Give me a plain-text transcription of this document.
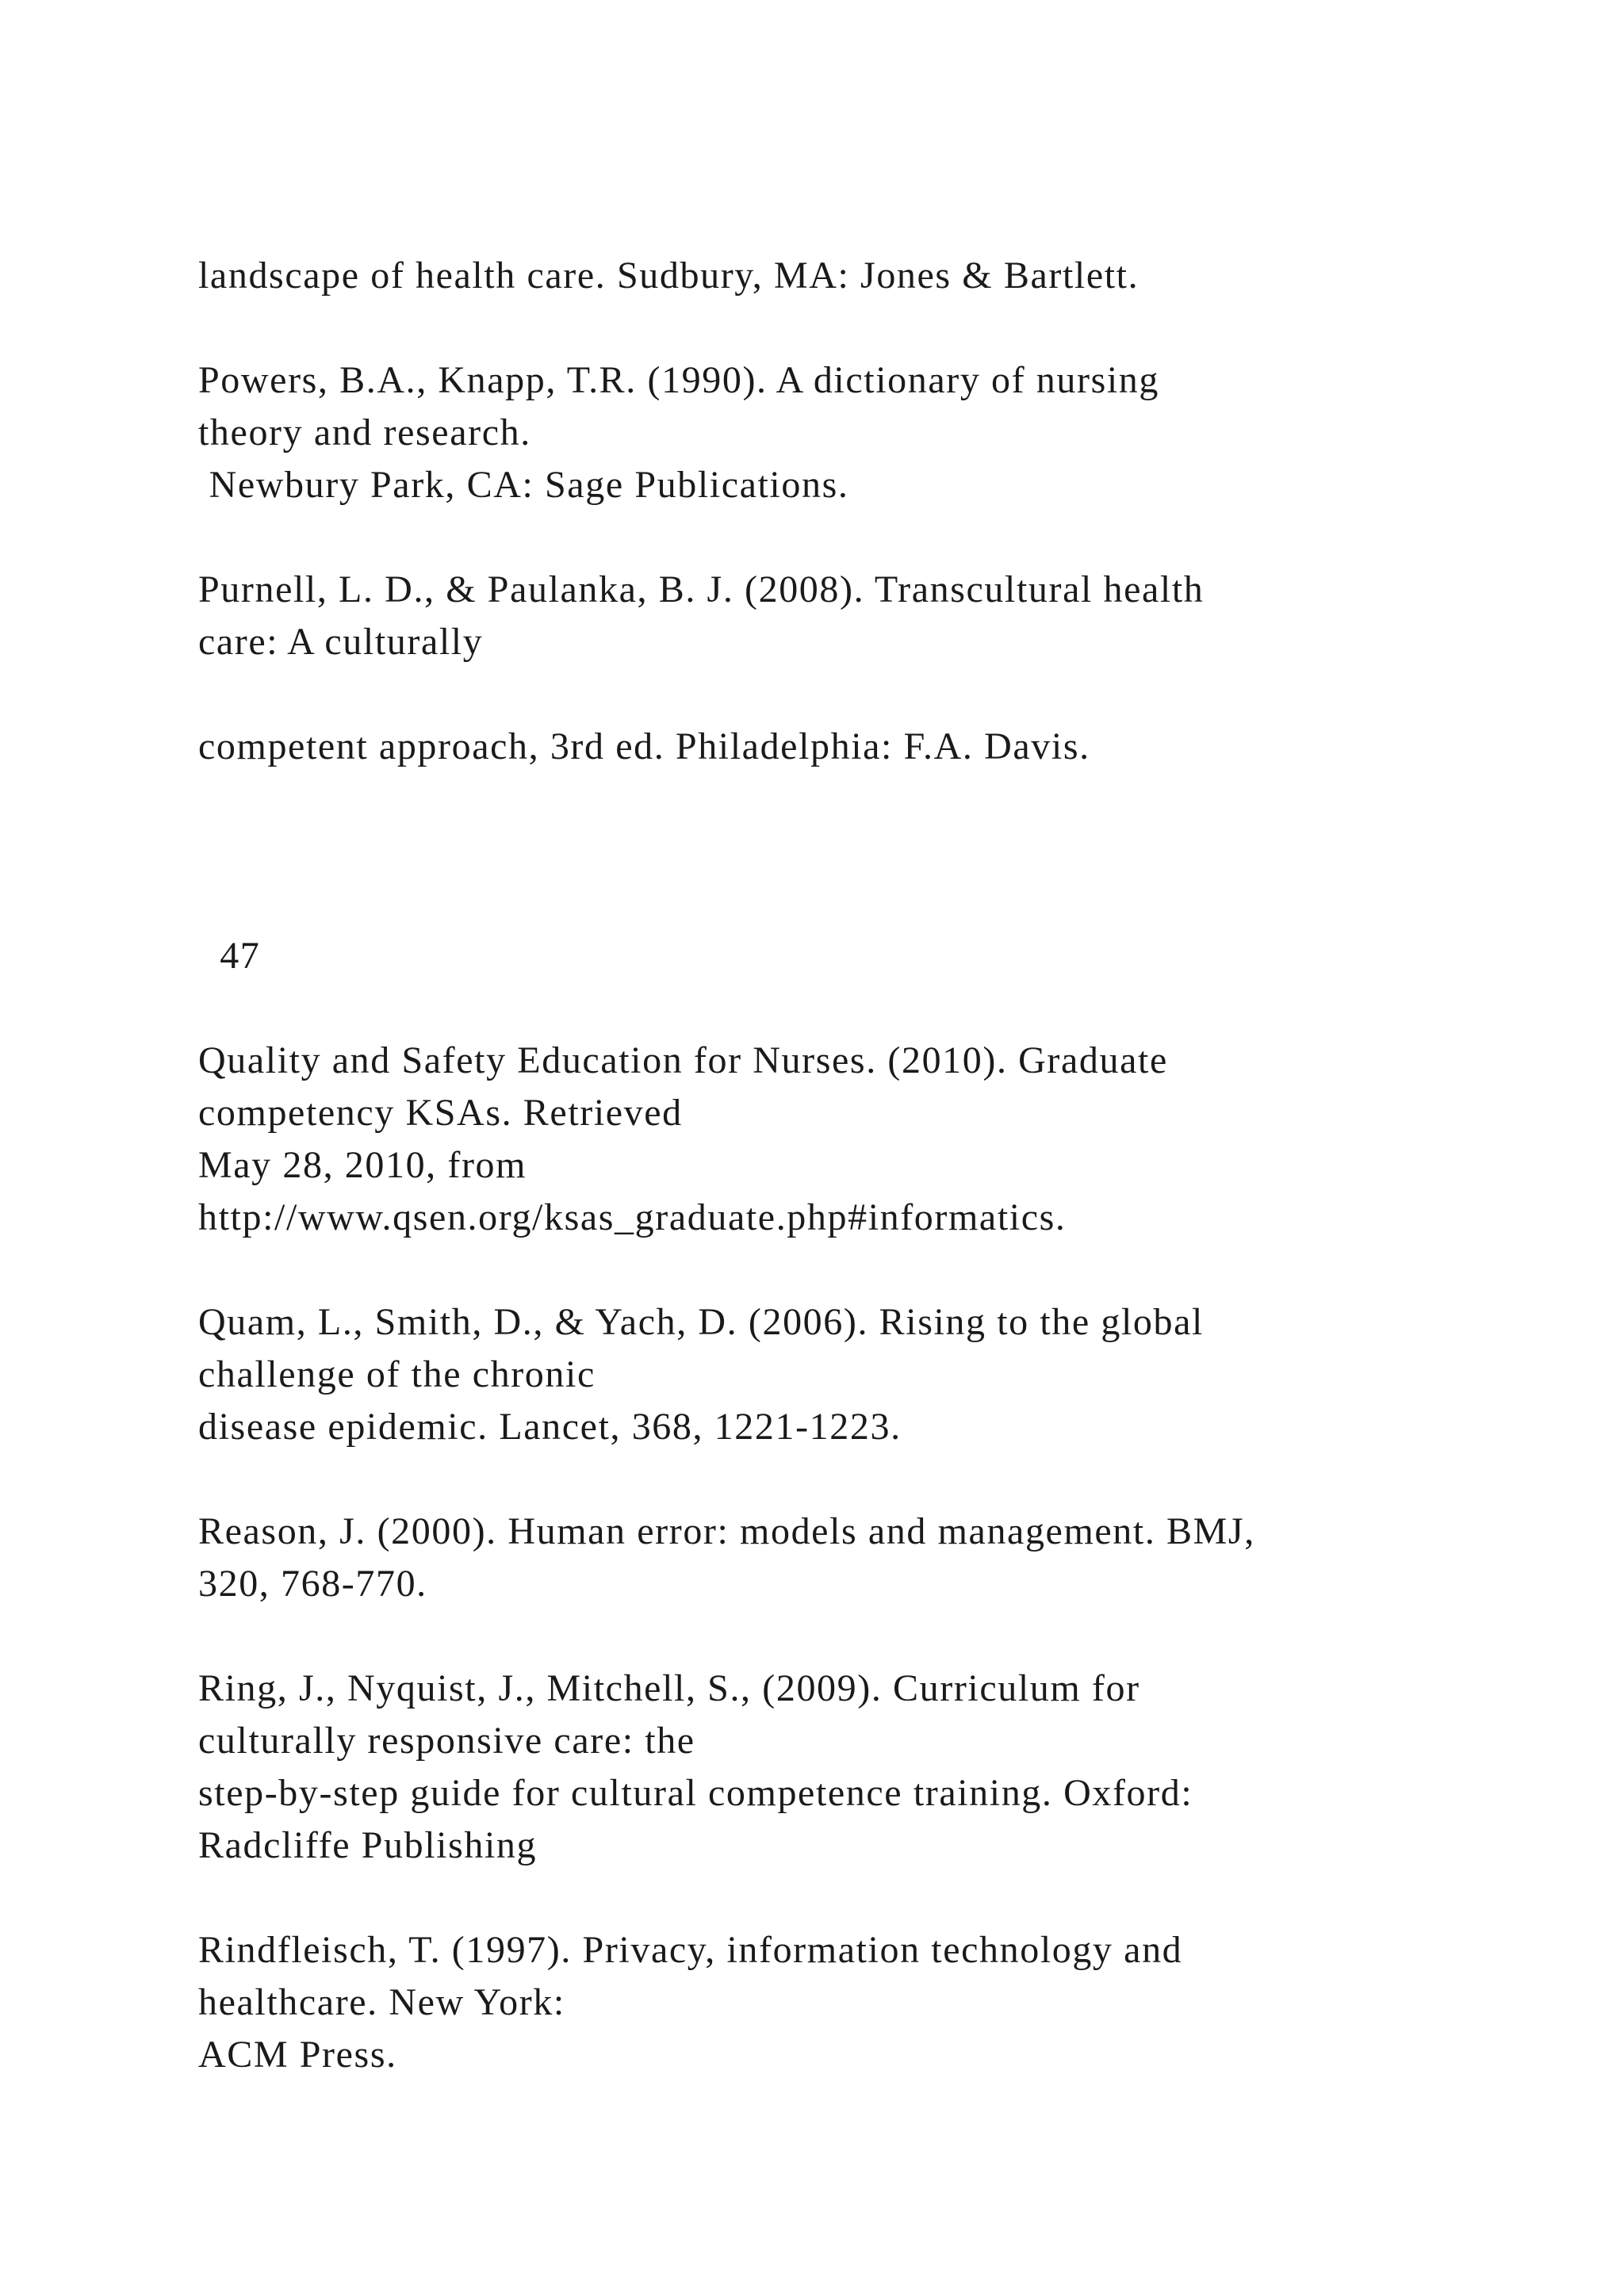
landscape of health care. Sudbury, MA: Jones & Bartlett.

Powers, B.A., Knapp, T.R. (1990). A dictionary of nursing

theory and research.

Newbury Park, CA: Sage Publications.

Purnell, L. D., & Paulanka, B. J. (2008). Transcultural health

care: A culturally

competent approach, 3rd ed. Philadelphia: F.A. Davis.

47

Quality and Safety Education for Nurses. (2010). Graduate

competency KSAs. Retrieved

May 28, 2010, from

http://www.qsen.org/ksas_graduate.php#informatics.

Quam, L., Smith, D., & Yach, D. (2006). Rising to the global

challenge of the chronic

disease epidemic. Lancet, 368, 1221-1223.

Reason, J. (2000). Human error: models and management. BMJ,

320, 768-770.

Ring, J., Nyquist, J., Mitchell, S., (2009). Curriculum for

culturally responsive care: the

step-by-step guide for cultural competence training. Oxford:

Radcliffe Publishing

Rindfleisch, T. (1997). Privacy, information technology and

healthcare. New York:

ACM Press.
